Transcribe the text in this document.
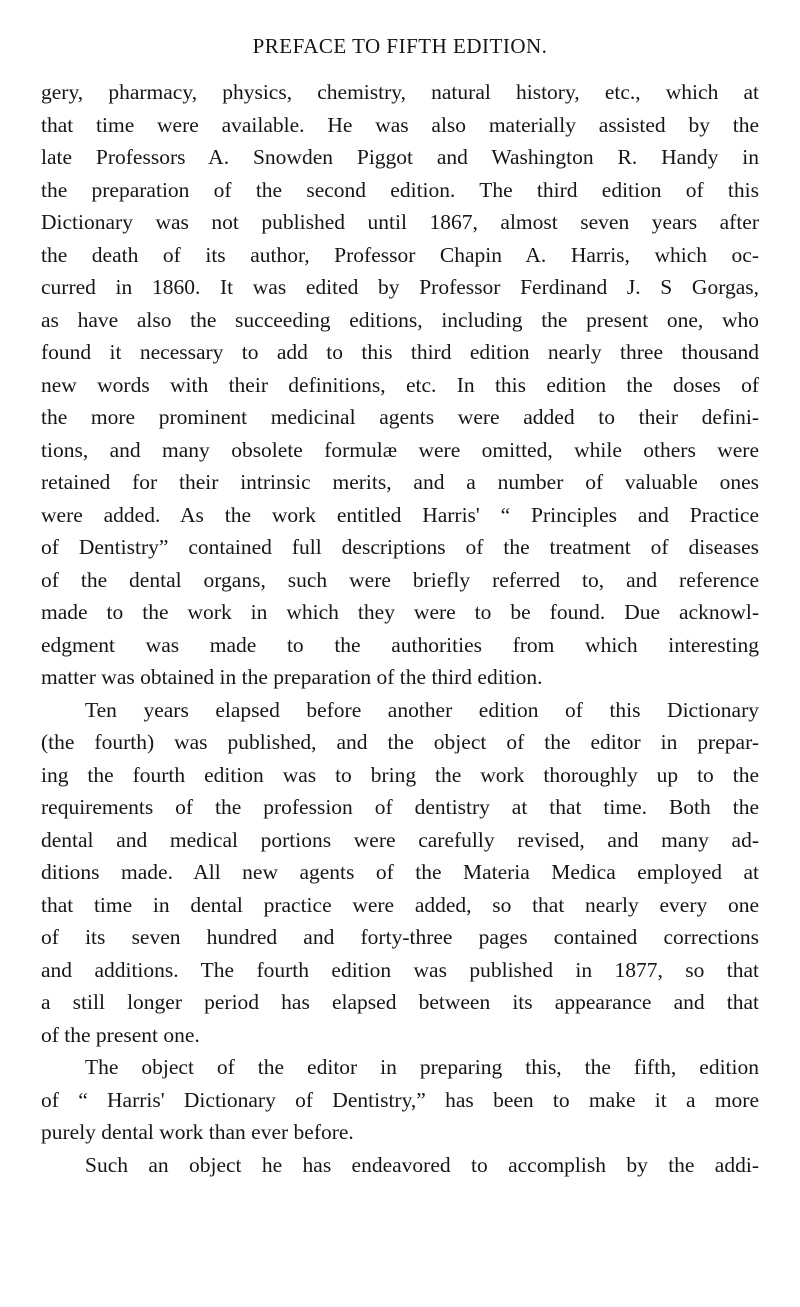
PREFACE TO FIFTH EDITION.
gery, pharmacy, physics, chemistry, natural history, etc., which at
that time were available. He was also materially assisted by the
late Professors A. Snowden Piggot and Washington R. Handy in
the preparation of the second edition. The third edition of this
Dictionary was not published until 1867, almost seven years after
the death of its author, Professor Chapin A. Harris, which oc-
curred in 1860. It was edited by Professor Ferdinand J. S Gorgas,
as have also the succeeding editions, including the present one, who
found it necessary to add to this third edition nearly three thousand
new words with their definitions, etc. In this edition the doses of
the more prominent medicinal agents were added to their defini-
tions, and many obsolete formulæ were omitted, while others were
retained for their intrinsic merits, and a number of valuable ones
were added. As the work entitled Harris' “ Principles and Practice
of Dentistry” contained full descriptions of the treatment of diseases
of the dental organs, such were briefly referred to, and reference
made to the work in which they were to be found. Due acknowl-
edgment was made to the authorities from which interesting
matter was obtained in the preparation of the third edition.
Ten years elapsed before another edition of this Dictionary
(the fourth) was published, and the object of the editor in prepar-
ing the fourth edition was to bring the work thoroughly up to the
requirements of the profession of dentistry at that time. Both the
dental and medical portions were carefully revised, and many ad-
ditions made. All new agents of the Materia Medica employed at
that time in dental practice were added, so that nearly every one
of its seven hundred and forty-three pages contained corrections
and additions. The fourth edition was published in 1877, so that
a still longer period has elapsed between its appearance and that
of the present one.
The object of the editor in preparing this, the fifth, edition
of “ Harris' Dictionary of Dentistry,” has been to make it a more
purely dental work than ever before.
Such an object he has endeavored to accomplish by the addi-
